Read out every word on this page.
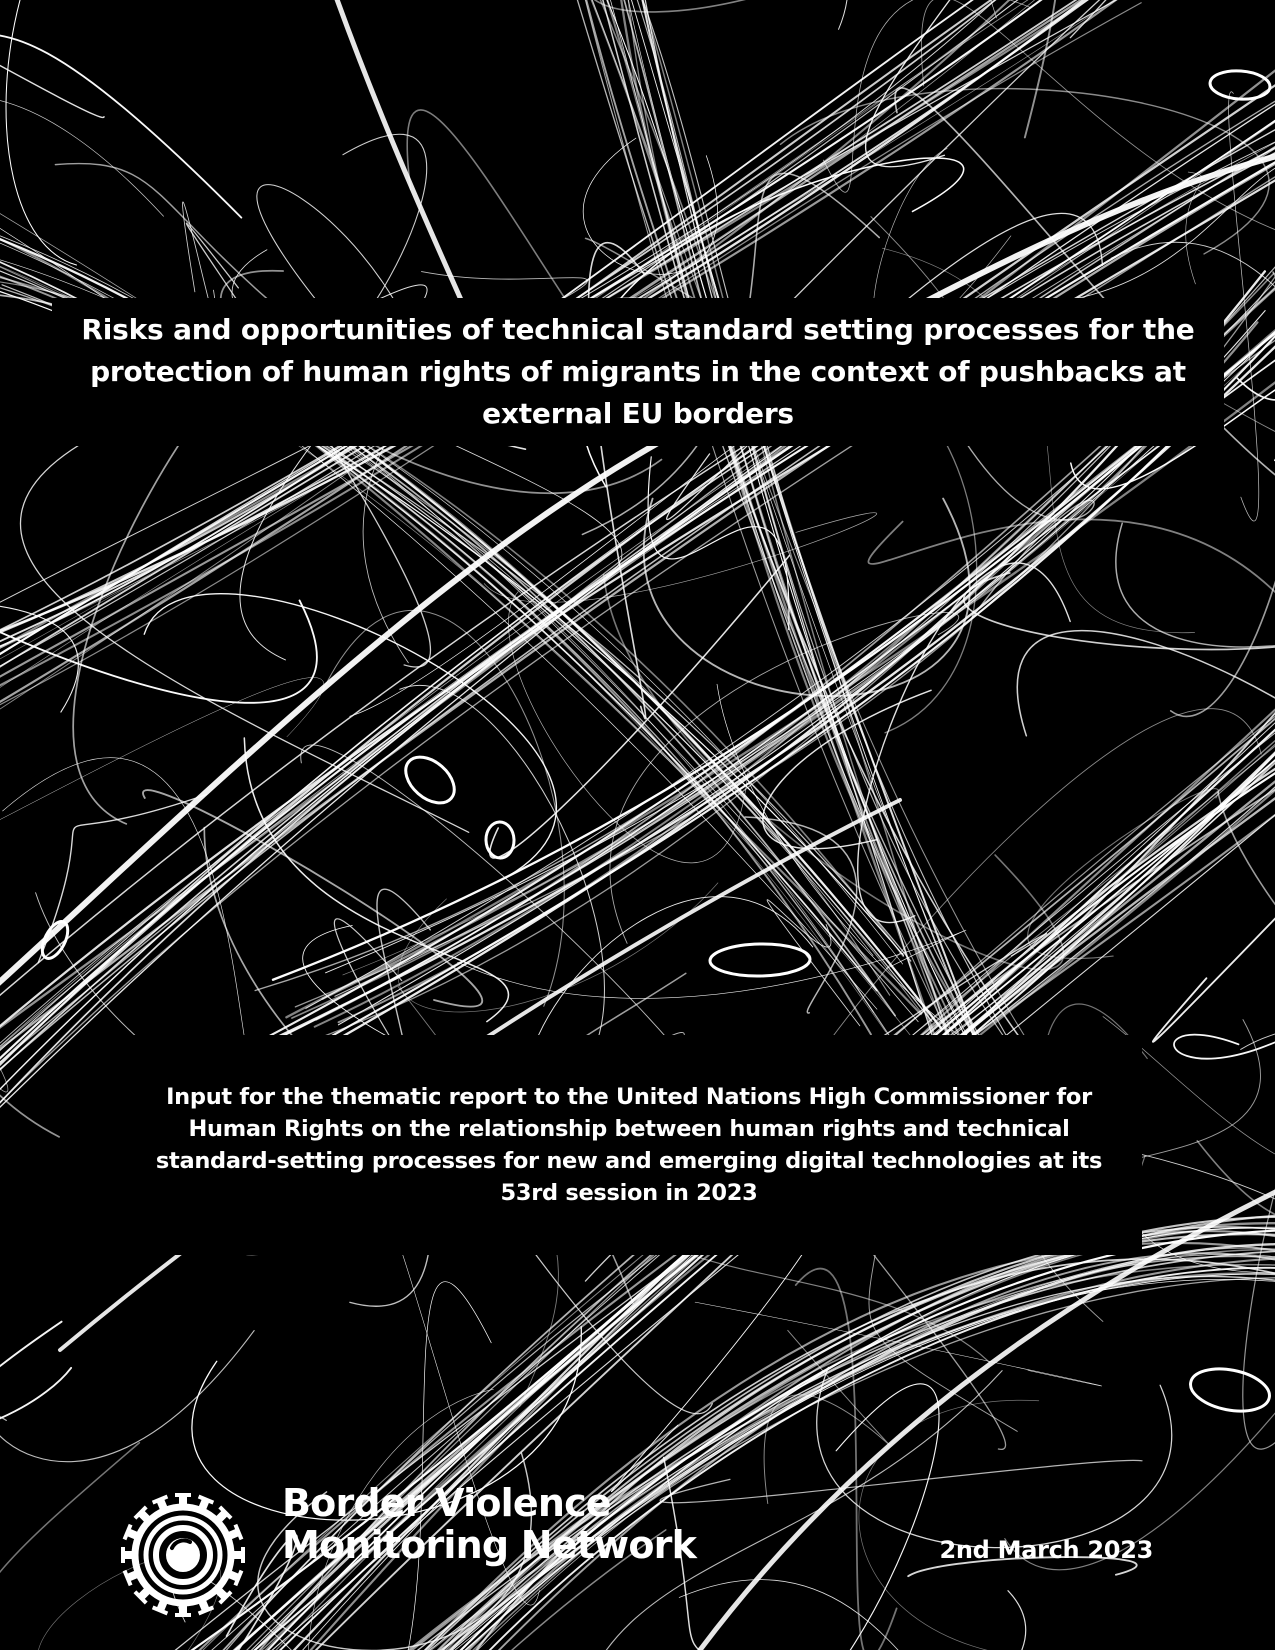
Risks and opportunities of technical standard setting processes for the protection of human rights of migrants in the context of pushbacks at external EU borders

Input for the thematic report to the United Nations High Commissioner for Human Rights on the relationship between human rights and technical standard-setting processes for new and emerging digital technologies at its 53rd session in 2023

Border Violence
Monitoring Network	2nd March 2023
